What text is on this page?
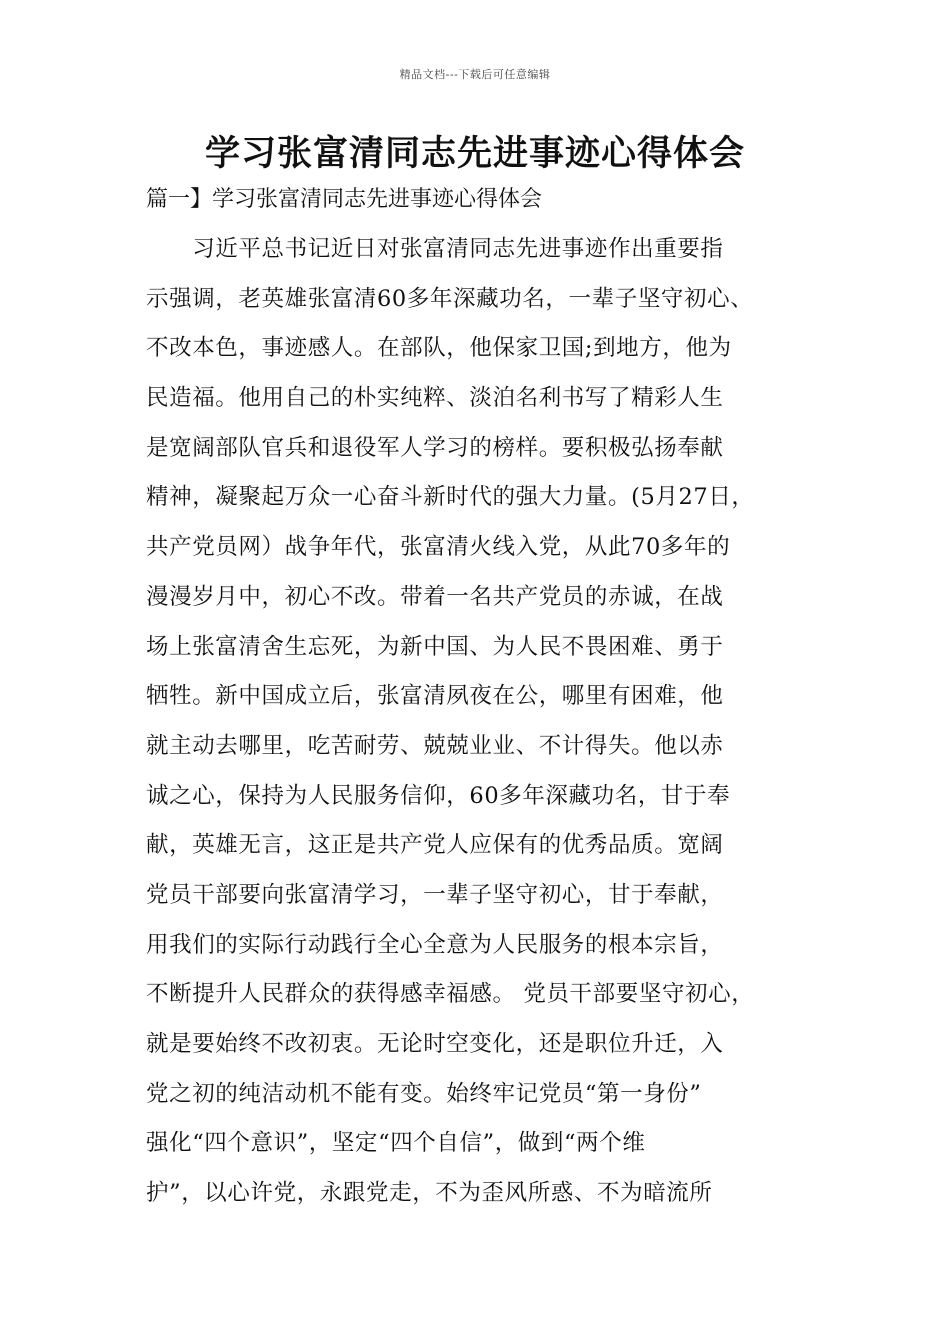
精品文档---下载后可任意编辑
学习张富清同志先进事迹心得体会
篇一】学习张富清同志先进事迹心得体会
　　习近平总书记近日对张富清同志先进事迹作出重要指
示强调，老英雄张富清60多年深藏功名，一辈子坚守初心、
不改本色，事迹感人。在部队，他保家卫国;到地方，他为
民造福。他用自己的朴实纯粹、淡泊名利书写了精彩人生
是宽阔部队官兵和退役军人学习的榜样。要积极弘扬奉献
精神，凝聚起万众一心奋斗新时代的强大力量。(5月27日，
共产党员网）战争年代，张富清火线入党，从此70多年的
漫漫岁月中，初心不改。带着一名共产党员的赤诚，在战
场上张富清舍生忘死，为新中国、为人民不畏困难、勇于
牺牲。新中国成立后，张富清夙夜在公，哪里有困难，他
就主动去哪里，吃苦耐劳、兢兢业业、不计得失。他以赤
诚之心，保持为人民服务信仰，60多年深藏功名，甘于奉
献，英雄无言，这正是共产党人应保有的优秀品质。宽阔
党员干部要向张富清学习，一辈子坚守初心，甘于奉献，
用我们的实际行动践行全心全意为人民服务的根本宗旨，
不断提升人民群众的获得感幸福感。 党员干部要坚守初心，
就是要始终不改初衷。无论时空变化，还是职位升迁，入
党之初的纯洁动机不能有变。始终牢记党员“第一身份”
强化“四个意识”，坚定“四个自信”，做到“两个维
护”，以心许党，永跟党走，不为歪风所惑、不为暗流所
